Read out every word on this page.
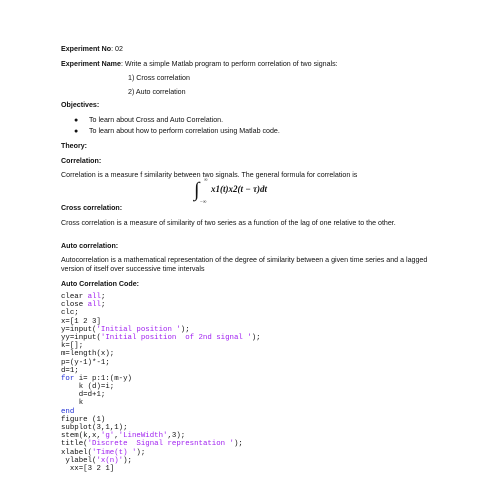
Experiment No: 02
Experiment Name: Write a simple Matlab program to perform correlation of two signals:
1) Cross correlation
2) Auto correlation
Objectives:
● To learn about Cross and Auto Correlation.
● To learn about how to perform correlation using Matlab code.
Theory:
Correlation:
Correlation is a measure f similarity between two signals. The general formula for correlation is
∫ ∞
−∞
x1(t)x2(t − τ)dt
Cross correlation:
Cross correlation is a measure of similarity of two series as a function of the lag of one relative to the other.
Auto correlation:
Autocorrelation is a mathematical representation of the degree of similarity between a given time series and a lagged version of itself over successive time intervals
Auto Correlation Code:
clear all;
close all;
clc;
x=[1 2 3]
y=input('Initial position ');
yy=input('Initial position  of 2nd signal ');
k=[];
m=length(x);
p=(y-1)*-1;
d=1;
for i= p:1:(m-y)
k (d)=i;
d=d+1;
k
end
figure (1)
subplot(3,1,1);
stem(k,x,'g','LineWidth',3);
title('Discrete  Signal represntation ');
xlabel('Time(t) ');
ylabel('x(n)');
xx=[3 2 1]
